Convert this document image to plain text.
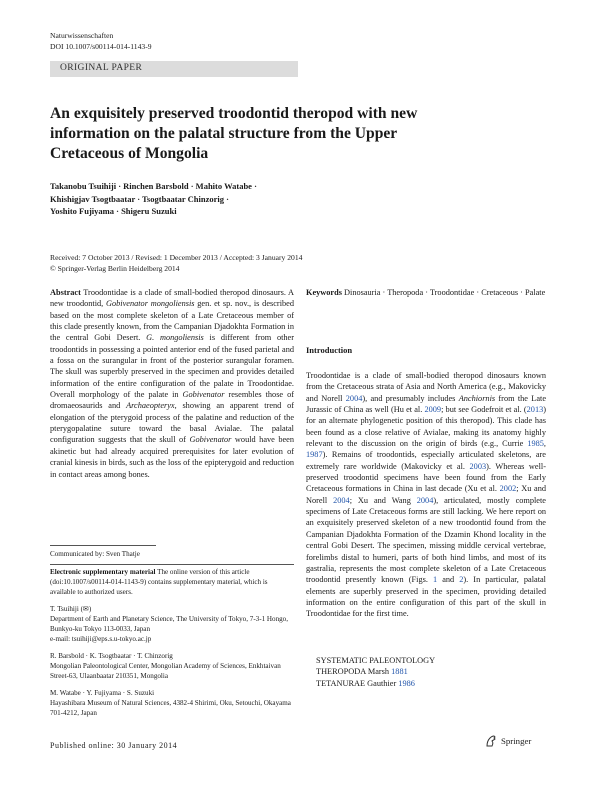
Naturwissenschaften
DOI 10.1007/s00114-014-1143-9
ORIGINAL PAPER
An exquisitely preserved troodontid theropod with new information on the palatal structure from the Upper Cretaceous of Mongolia
Takanobu Tsuihiji · Rinchen Barsbold · Mahito Watabe ·
Khishigjav Tsogtbaatar · Tsogtbaatar Chinzorig ·
Yoshito Fujiyama · Shigeru Suzuki
Received: 7 October 2013 / Revised: 1 December 2013 / Accepted: 3 January 2014
© Springer-Verlag Berlin Heidelberg 2014
Abstract Troodontidae is a clade of small-bodied theropod dinosaurs. A new troodontid, Gobivenator mongoliensis gen. et sp. nov., is described based on the most complete skeleton of a Late Cretaceous member of this clade presently known, from the Campanian Djadokhta Formation in the central Gobi Desert. G. mongoliensis is different from other troodontids in possessing a pointed anterior end of the fused parietal and a fossa on the surangular in front of the posterior surangular foramen. The skull was superbly preserved in the specimen and provides detailed information of the entire configuration of the palate in Troodontidae. Overall morphology of the palate in Gobivenator resembles those of dromaeosaurids and Archaeopteryx, showing an apparent trend of elongation of the pterygoid process of the palatine and reduction of the pterygopalatine suture toward the basal Avialae. The palatal configuration suggests that the skull of Gobivenator would have been akinetic but had already acquired prerequisites for later evolution of cranial kinesis in birds, such as the loss of the epipterygoid and reduction in contact areas among bones.
Keywords Dinosauria · Theropoda · Troodontidae · Cretaceous · Palate
Introduction
Troodontidae is a clade of small-bodied theropod dinosaurs known from the Cretaceous strata of Asia and North America (e.g., Makovicky and Norell 2004), and presumably includes Anchiornis from the Late Jurassic of China as well (Hu et al. 2009; but see Godefroit et al. (2013) for an alternate phylogenetic position of this theropod). This clade has been found as a close relative of Avialae, making its anatomy highly relevant to the discussion on the origin of birds (e.g., Currie 1985, 1987). Remains of troodontids, especially articulated skeletons, are extremely rare worldwide (Makovicky et al. 2003). Whereas well-preserved troodontid specimens have been found from the Early Cretaceous formations in China in last decade (Xu et al. 2002; Xu and Norell 2004; Xu and Wang 2004), articulated, mostly complete specimens of Late Cretaceous forms are still lacking. We here report on an exquisitely preserved skeleton of a new troodontid found from the Campanian Djadokhta Formation of the Dzamin Khond locality in the central Gobi Desert. The specimen, missing middle cervical vertebrae, forelimbs distal to humeri, parts of both hind limbs, and most of its gastralia, represents the most complete skeleton of a Late Cretaceous troodontid presently known (Figs. 1 and 2). In particular, palatal elements are superbly preserved in the specimen, providing detailed information on the entire configuration of this part of the skull in Troodontidae for the first time.
SYSTEMATIC PALEONTOLOGY
THEROPODA Marsh 1881
TETANURAE Gauthier 1986
Communicated by: Sven Thatje
Electronic supplementary material The online version of this article (doi:10.1007/s00114-014-1143-9) contains supplementary material, which is available to authorized users.
T. Tsuihiji (✉)
Department of Earth and Planetary Science, The University of Tokyo, 7-3-1 Hongo, Bunkyo-ku Tokyo 113-0033, Japan
e-mail: tsuihiji@eps.s.u-tokyo.ac.jp
R. Barsbold · K. Tsogtbaatar · T. Chinzorig
Mongolian Paleontological Center, Mongolian Academy of Sciences, Enkhtaivan Street-63, Ulaanbaatar 210351, Mongolia
M. Watabe · Y. Fujiyama · S. Suzuki
Hayashibara Museum of Natural Sciences, 4382-4 Shirimi, Oku, Setouchi, Okayama 701-4212, Japan
Published online: 30 January 2014	Springer
